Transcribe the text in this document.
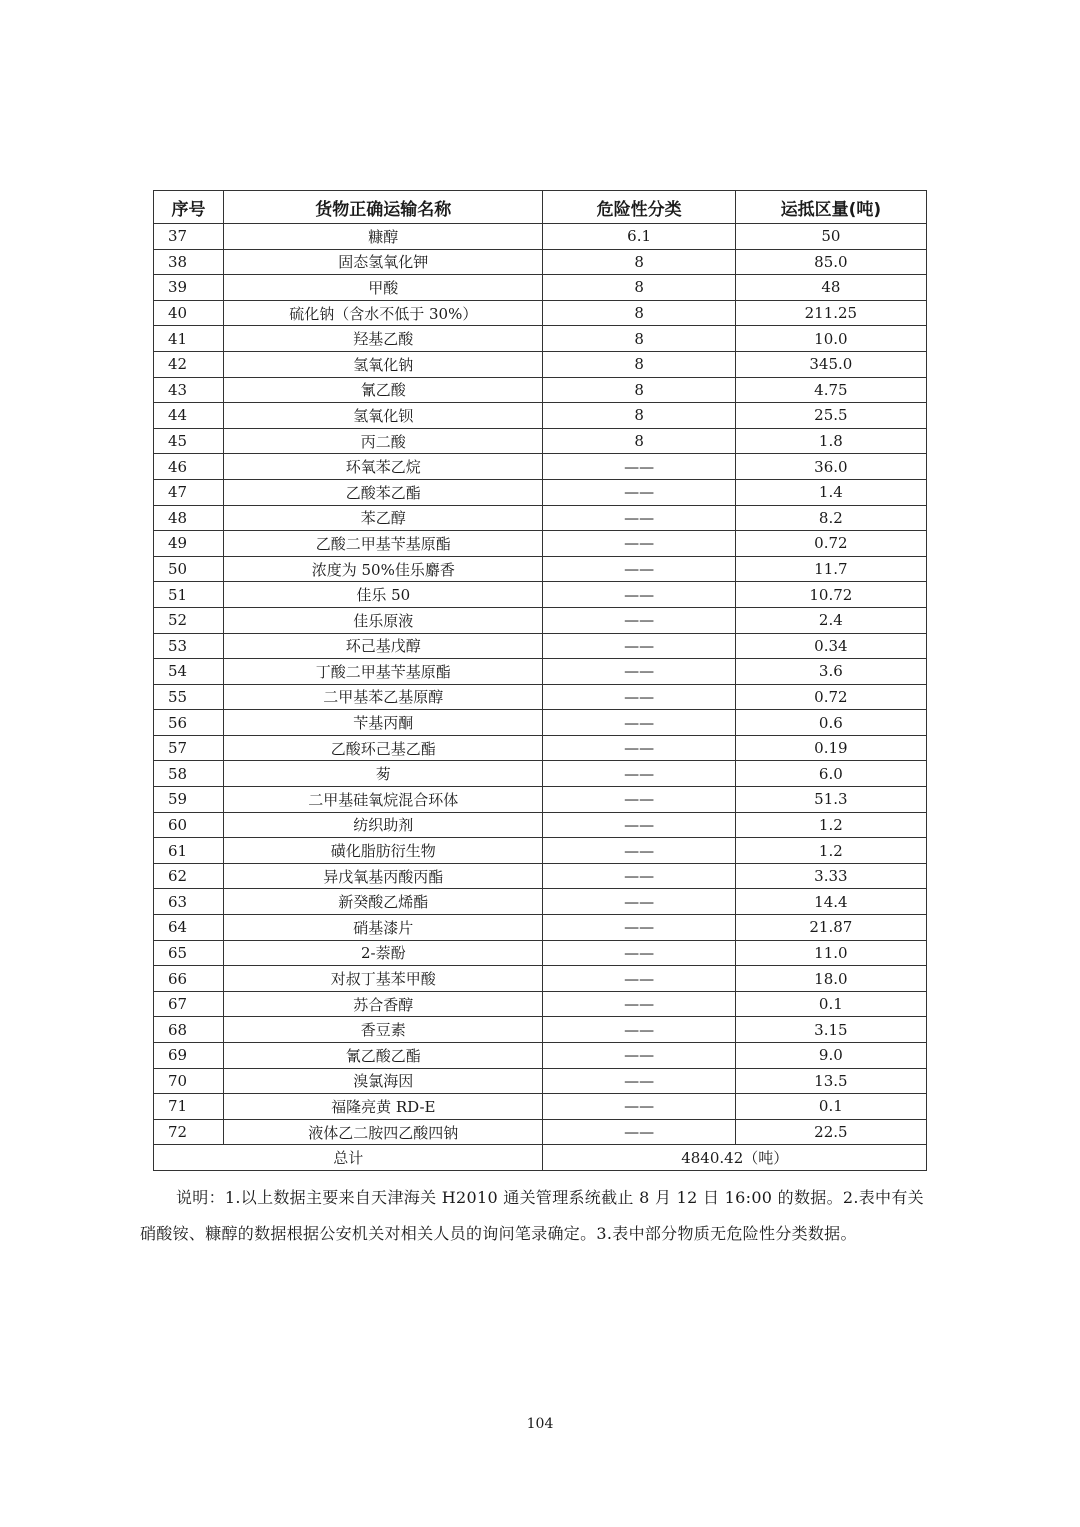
序号	货物正确运输名称	危险性分类	运抵区量(吨)
37	糠醇	6.1	50
38	固态氢氧化钾	8	85.0
39	甲酸	8	48
40	硫化钠（含水不低于 30%）	8	211.25
41	羟基乙酸	8	10.0
42	氢氧化钠	8	345.0
43	氰乙酸	8	4.75
44	氢氧化钡	8	25.5
45	丙二酸	8	1.8
46	环氧苯乙烷	——	36.0
47	乙酸苯乙酯	——	1.4
48	苯乙醇	——	8.2
49	乙酸二甲基苄基原酯	——	0.72
50	浓度为 50%佳乐麝香	——	11.7
51	佳乐 50	——	10.72
52	佳乐原液	——	2.4
53	环己基戊醇	——	0.34
54	丁酸二甲基苄基原酯	——	3.6
55	二甲基苯乙基原醇	——	0.72
56	苄基丙酮	——	0.6
57	乙酸环己基乙酯	——	0.19
58	茐	——	6.0
59	二甲基硅氧烷混合环体	——	51.3
60	纺织助剂	——	1.2
61	磺化脂肪衍生物	——	1.2
62	异戊氧基丙酸丙酯	——	3.33
63	新癸酸乙烯酯	——	14.4
64	硝基漆片	——	21.87
65	2-萘酚	——	11.0
66	对叔丁基苯甲酸	——	18.0
67	苏合香醇	——	0.1
68	香豆素	——	3.15
69	氰乙酸乙酯	——	9.0
70	溴氯海因	——	13.5
71	福隆亮黄 RD-E	——	0.1
72	液体乙二胺四乙酸四钠	——	22.5
总计		4840.42（吨）	

说明：1.以上数据主要来自天津海关 H2010 通关管理系统截止 8 月 12 日 16:00 的数据。2.表中有关硝酸铵、糠醇的数据根据公安机关对相关人员的询问笔录确定。3.表中部分物质无危险性分类数据。

104
